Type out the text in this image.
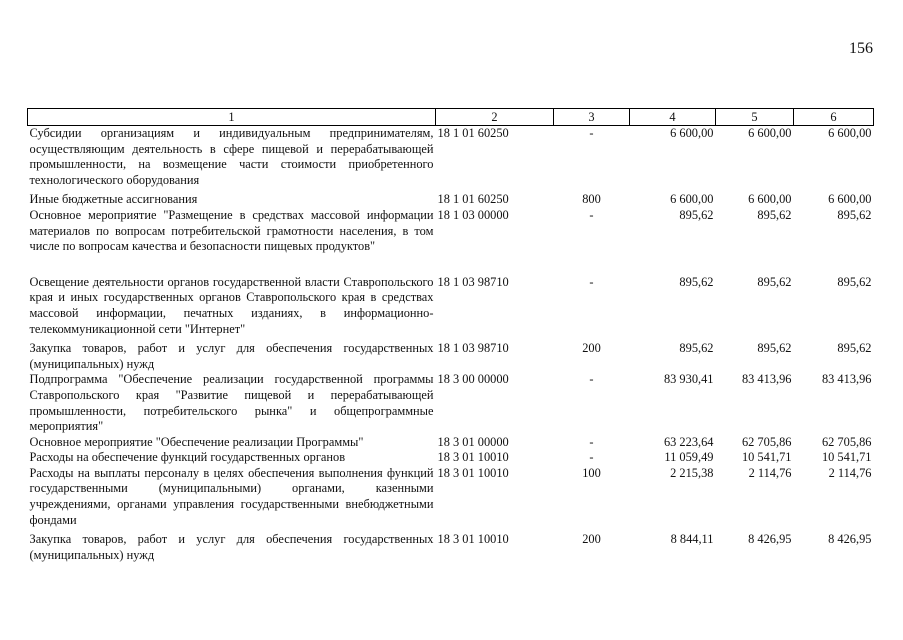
156
1	2	3	4	5	6
Субсидии организациям и индивидуальным предпринимателям, осуществляющим деятельность в сфере пищевой и перерабатывающей промышленности, на возмещение части стоимости приобретенного технологического оборудования	18 1 01 60250	-	6 600,00	6 600,00	6 600,00
Иные бюджетные ассигнования	18 1 01 60250	800	6 600,00	6 600,00	6 600,00
Основное мероприятие "Размещение в средствах массовой информации материалов по вопросам потребительской грамотности населения, в том числе по вопросам качества и безопасности пищевых продуктов"	18 1 03 00000	-	895,62	895,62	895,62
Освещение деятельности органов государственной власти Ставропольского края и иных государственных органов Ставропольского края в средствах массовой информации, печатных изданиях, в информационно-телекоммуникационной сети "Интернет"	18 1 03 98710	-	895,62	895,62	895,62
Закупка товаров, работ и услуг для обеспечения государственных (муниципальных) нужд	18 1 03 98710	200	895,62	895,62	895,62
Подпрограмма "Обеспечение реализации государственной программы Ставропольского края "Развитие пищевой и перерабатывающей промышленности, потребительского рынка" и общепрограммные мероприятия"	18 3 00 00000	-	83 930,41	83 413,96	83 413,96
Основное мероприятие "Обеспечение реализации Программы"	18 3 01 00000	-	63 223,64	62 705,86	62 705,86
Расходы на обеспечение функций государственных органов	18 3 01 10010	-	11 059,49	10 541,71	10 541,71
Расходы на выплаты персоналу в целях обеспечения выполнения функций государственными (муниципальными) органами, казенными учреждениями, органами управления государственными внебюджетными фондами	18 3 01 10010	100	2 215,38	2 114,76	2 114,76
Закупка товаров, работ и услуг для обеспечения государственных (муниципальных) нужд	18 3 01 10010	200	8 844,11	8 426,95	8 426,95
